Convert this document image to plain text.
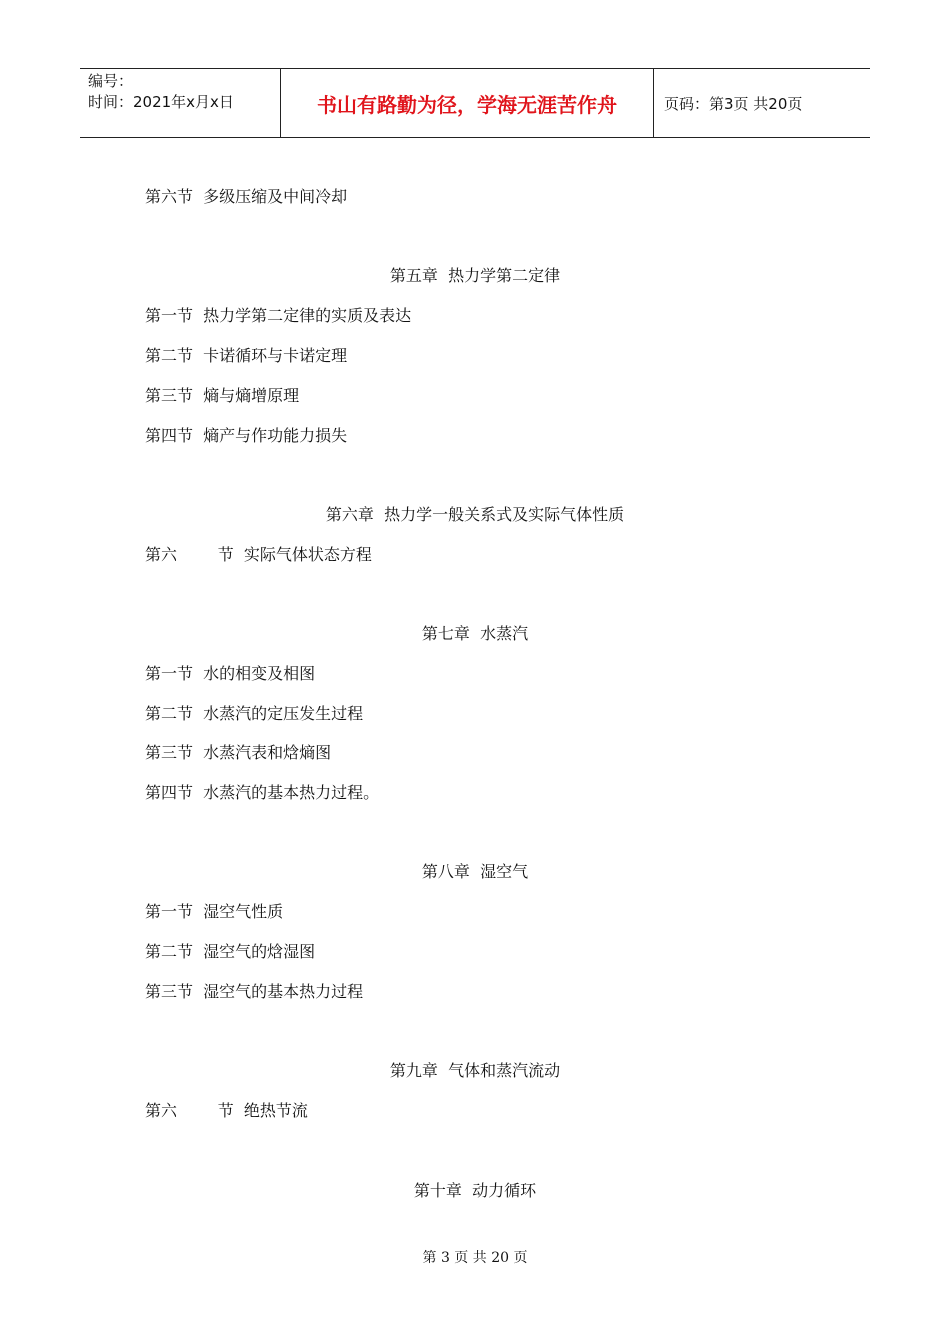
编号：
时间：2021年x月x日	书山有路勤为径，学海无涯苦作舟	页码：第3页 共20页
第六节  多级压缩及中间冷却
第五章  热力学第二定律
第一节  热力学第二定律的实质及表达
第二节  卡诺循环与卡诺定理
第三节  熵与熵增原理
第四节  熵产与作功能力损失
第六章  热力学一般关系式及实际气体性质
第六        节  实际气体状态方程
第七章  水蒸汽
第一节  水的相变及相图
第二节  水蒸汽的定压发生过程
第三节  水蒸汽表和焓熵图
第四节  水蒸汽的基本热力过程。
第八章  湿空气
第一节  湿空气性质
第二节  湿空气的焓湿图
第三节  湿空气的基本热力过程
第九章  气体和蒸汽流动
第六        节  绝热节流
第十章  动力循环
第 3 页 共 20 页
